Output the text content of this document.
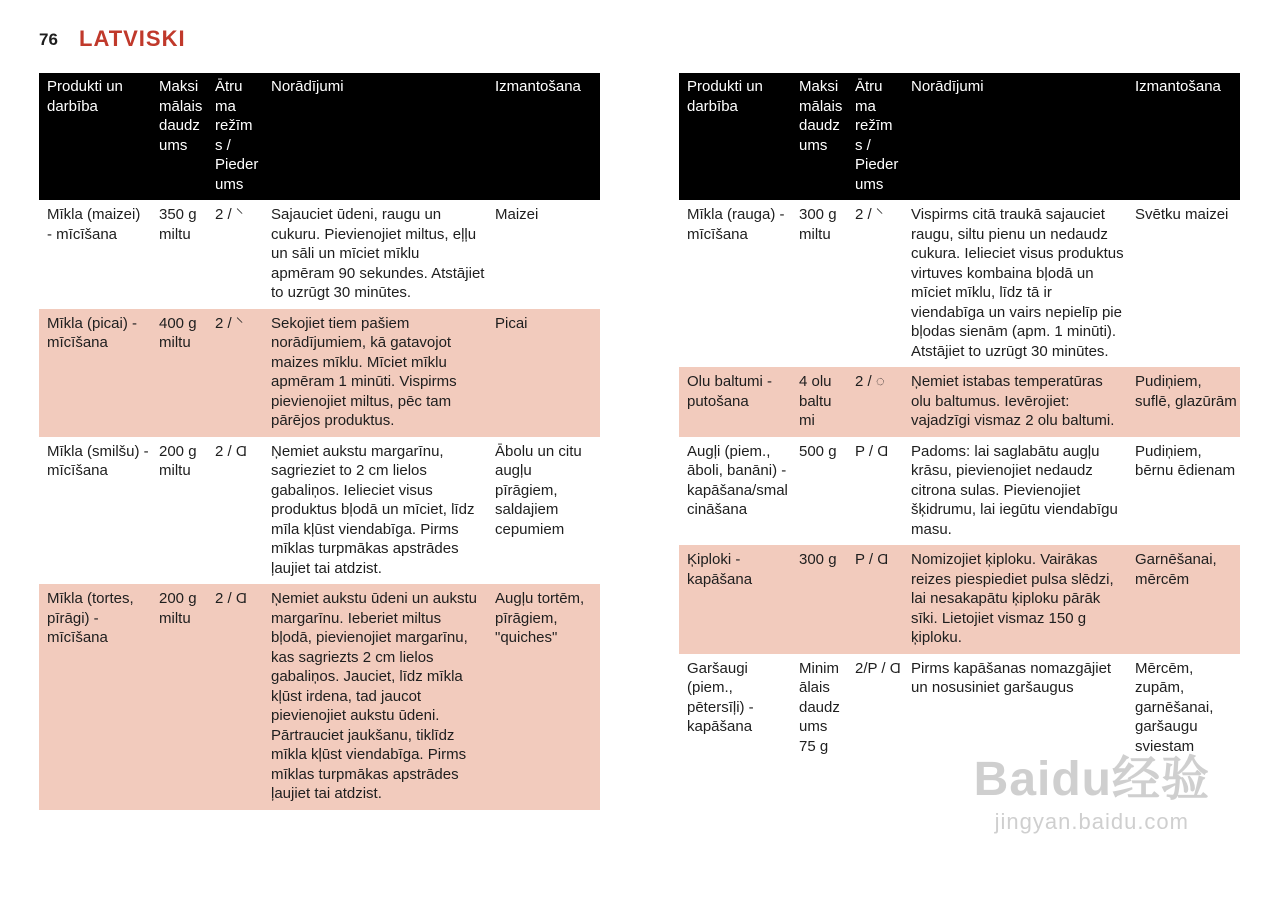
76 LATVISKI
Produkti un darbība	Maksi mālais daudz ums	Ātru ma režīm s / Pieder ums	Norādījumi	Izmantošana
Mīkla (maizei) - mīcīšana	350 g miltu	2 / ⸌	Sajauciet ūdeni, raugu un cukuru. Pievienojiet miltus, eļļu un sāli un mīciet mīklu apmēram 90 sekundes. Atstājiet to uzrūgt 30 minūtes.	Maizei
Mīkla (picai) - mīcīšana	400 g miltu	2 / ⸌	Sekojiet tiem pašiem norādījumiem, kā gatavojot maizes mīklu. Mīciet mīklu apmēram 1 minūti. Vispirms pievienojiet miltus, pēc tam pārējos produktus.	Picai
Mīkla (smilšu) - mīcīšana	200 g miltu	2 / Ɑ	Ņemiet aukstu margarīnu, sagrieziet to 2 cm lielos gabaliņos. Ielieciet visus produktus bļodā un mīciet, līdz mīla kļūst viendabīga. Pirms mīklas turpmākas apstrādes ļaujiet tai atdzist.	Ābolu un citu augļu pīrāgiem, saldajiem cepumiem
Mīkla (tortes, pīrāgi) - mīcīšana	200 g miltu	2 / Ɑ	Ņemiet aukstu ūdeni un aukstu margarīnu. Ieberiet miltus bļodā, pievienojiet margarīnu, kas sagriezts 2 cm lielos gabaliņos. Jauciet, līdz mīkla kļūst irdena, tad jaucot pievienojiet aukstu ūdeni. Pārtrauciet jaukšanu, tiklīdz mīkla kļūst viendabīga. Pirms mīklas turpmākas apstrādes ļaujiet tai atdzist.	Augļu tortēm, pīrāgiem, "quiches"
Produkti un darbība	Maksi mālais daudz ums	Ātru ma režīm s / Pieder ums	Norādījumi	Izmantošana
Mīkla (rauga) - mīcīšana	300 g miltu	2 / ⸌	Vispirms citā traukā sajauciet raugu, siltu pienu un nedaudz cukura. Ielieciet visus produktus virtuves kombaina bļodā un mīciet mīklu, līdz tā ir viendabīga un vairs nepielīp pie bļodas sienām (apm. 1 minūti). Atstājiet to uzrūgt 30 minūtes.	Svētku maizei
Olu baltumi - putošana	4 olu baltu mi	2 / ◌	Ņemiet istabas temperatūras olu baltumus. Ievērojiet: vajadzīgi vismaz 2 olu baltumi.	Pudiņiem, suflē, glazūrām
Augļi (piem., āboli, banāni) - kapāšana/smal cināšana	500 g	P / Ɑ	Padoms: lai saglabātu augļu krāsu, pievienojiet nedaudz citrona sulas. Pievienojiet šķidrumu, lai iegūtu viendabīgu masu.	Pudiņiem, bērnu ēdienam
Ķiploki - kapāšana	300 g	P / Ɑ	Nomizojiet ķiploku. Vairākas reizes piespiediet pulsa slēdzi, lai nesakapātu ķiploku pārāk sīki. Lietojiet vismaz 150 g ķiploku.	Garnēšanai, mērcēm
Garšaugi (piem., pētersīļi) - kapāšana	Minim ālais daudz ums 75 g	2/P / Ɑ	Pirms kapāšanas nomazgājiet un nosusiniet garšaugus	Mērcēm, zupām, garnēšanai, garšaugu sviestam
Baidu经验
jingyan.baidu.com
